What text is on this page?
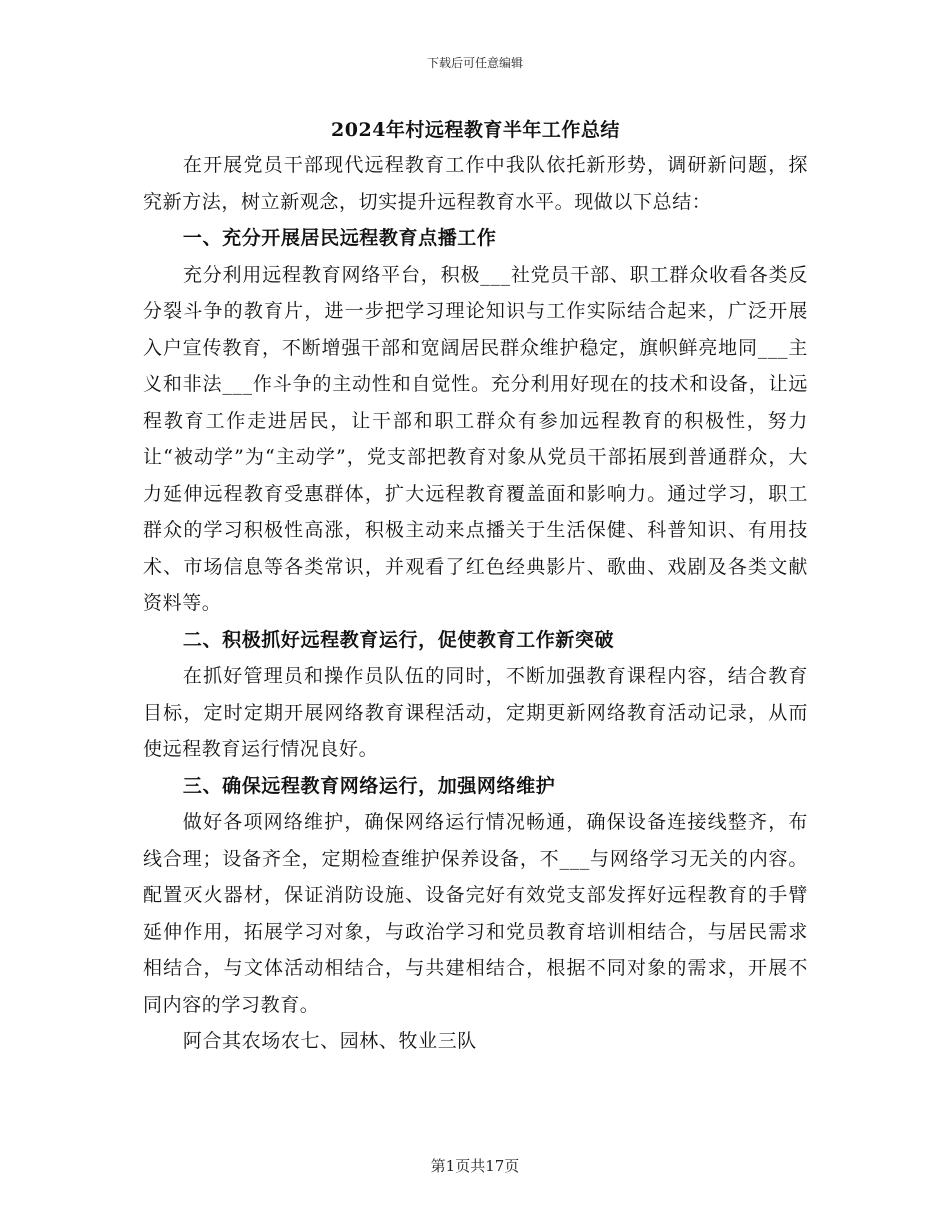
下载后可任意编辑
2024年村远程教育半年工作总结

在开展党员干部现代远程教育工作中我队依托新形势，调研新问题，探究新方法，树立新观念，切实提升远程教育水平。现做以下总结：

一、充分开展居民远程教育点播工作

充分利用远程教育网络平台，积极___社党员干部、职工群众收看各类反分裂斗争的教育片，进一步把学习理论知识与工作实际结合起来，广泛开展入户宣传教育，不断增强干部和宽阔居民群众维护稳定，旗帜鲜亮地同___主义和非法___作斗争的主动性和自觉性。充分利用好现在的技术和设备，让远程教育工作走进居民，让干部和职工群众有参加远程教育的积极性，努力让“被动学”为“主动学”，党支部把教育对象从党员干部拓展到普通群众，大力延伸远程教育受惠群体，扩大远程教育覆盖面和影响力。通过学习，职工群众的学习积极性高涨，积极主动来点播关于生活保健、科普知识、有用技术、市场信息等各类常识，并观看了红色经典影片、歌曲、戏剧及各类文献资料等。

二、积极抓好远程教育运行，促使教育工作新突破

在抓好管理员和操作员队伍的同时，不断加强教育课程内容，结合教育目标，定时定期开展网络教育课程活动，定期更新网络教育活动记录，从而使远程教育运行情况良好。

三、确保远程教育网络运行，加强网络维护

做好各项网络维护，确保网络运行情况畅通，确保设备连接线整齐，布线合理；设备齐全，定期检查维护保养设备，不___与网络学习无关的内容。配置灭火器材，保证消防设施、设备完好有效党支部发挥好远程教育的手臂延伸作用，拓展学习对象，与政治学习和党员教育培训相结合，与居民需求相结合，与文体活动相结合，与共建相结合，根据不同对象的需求，开展不同内容的学习教育。

阿合其农场农七、园林、牧业三队

第1页共17页
